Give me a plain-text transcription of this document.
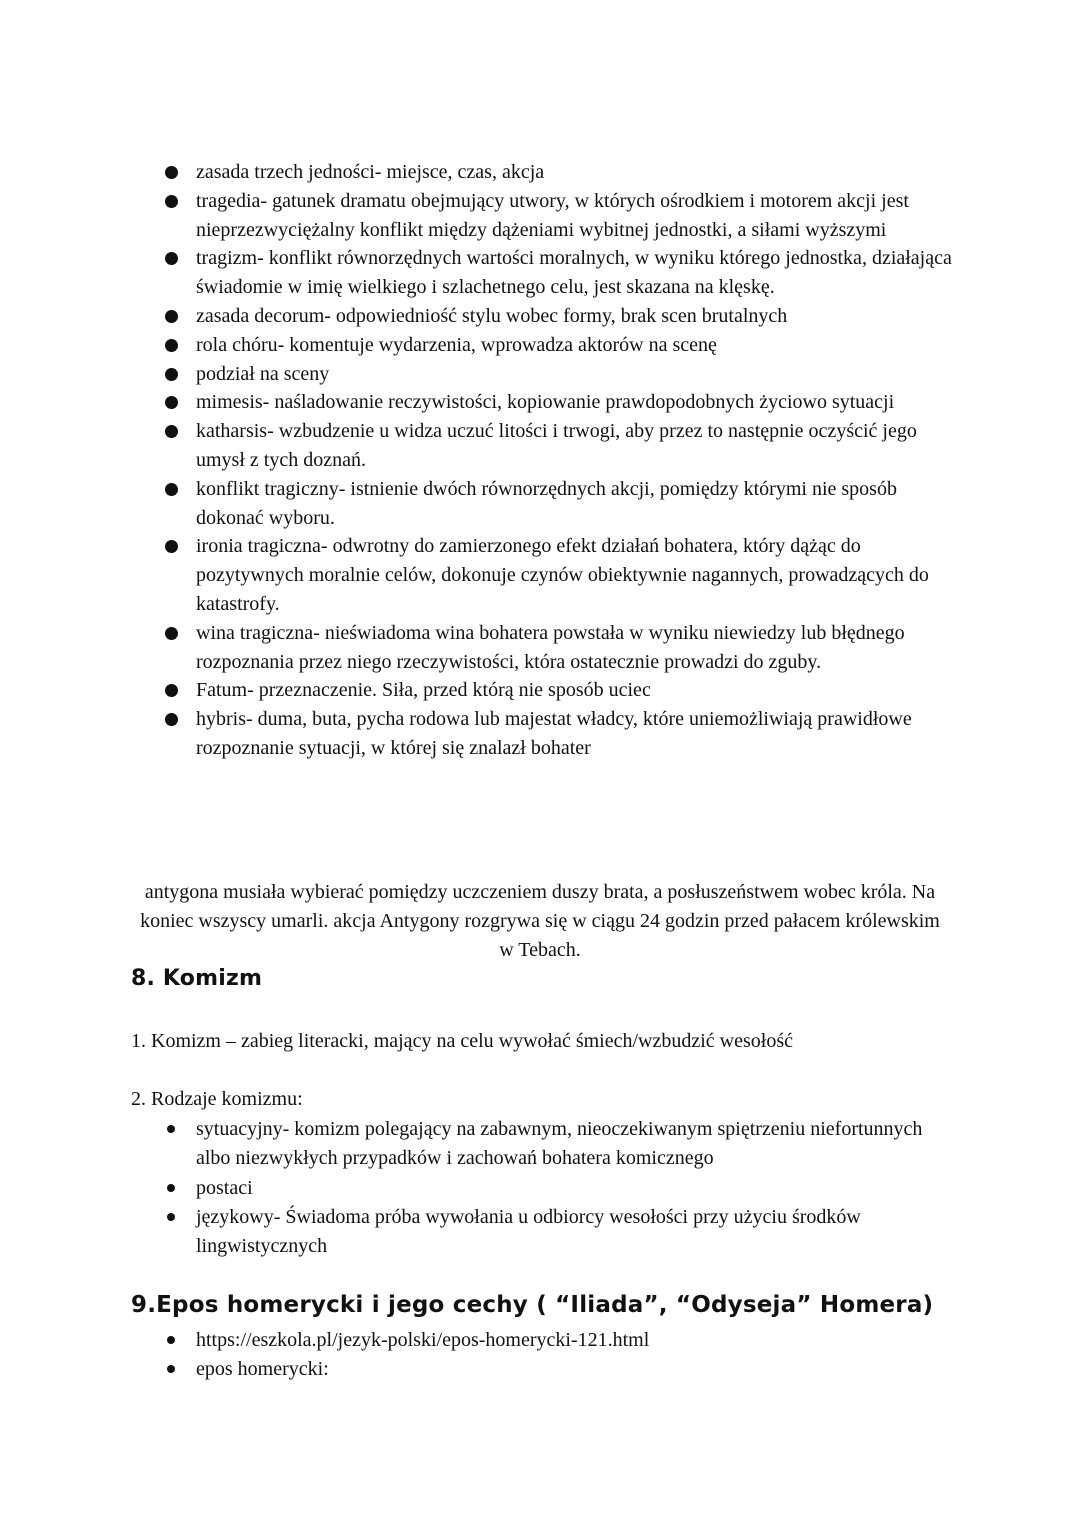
zasada trzech jedności- miejsce, czas, akcja
tragedia- gatunek dramatu obejmujący utwory, w których ośrodkiem i motorem akcji jest nieprzezwyciężalny konflikt między dążeniami wybitnej jednostki, a siłami wyższymi
tragizm- konflikt równorzędnych wartości moralnych, w wyniku którego jednostka, działająca świadomie w imię wielkiego i szlachetnego celu, jest skazana na klęskę.
zasada decorum- odpowiedniość stylu wobec formy, brak scen brutalnych
rola chóru- komentuje wydarzenia, wprowadza aktorów na scenę
podział na sceny
mimesis- naśladowanie reczywistości, kopiowanie prawdopodobnych życiowo sytuacji
katharsis- wzbudzenie u widza uczuć litości i trwogi, aby przez to następnie oczyścić jego umysł z tych doznań.
konflikt tragiczny- istnienie dwóch równorzędnych akcji, pomiędzy którymi nie sposób dokonać wyboru.
ironia tragiczna- odwrotny do zamierzonego efekt działań bohatera, który dążąc do pozytywnych moralnie celów, dokonuje czynów obiektywnie nagannych, prowadzących do katastrofy.
wina tragiczna- nieświadoma wina bohatera powstała w wyniku niewiedzy lub błędnego rozpoznania przez niego rzeczywistości, która ostatecznie prowadzi do zguby.
Fatum- przeznaczenie. Siła, przed którą nie sposób uciec
hybris- duma, buta, pycha rodowa lub majestat władcy, które uniemożliwiają prawidłowe rozpoznanie sytuacji, w której się znalazł bohater

antygona musiała wybierać pomiędzy uczczeniem duszy brata, a posłuszeństwem wobec króla. Na koniec wszyscy umarli. akcja Antygony rozgrywa się w ciągu 24 godzin przed pałacem królewskim w Tebach.

8. Komizm
1. Komizm – zabieg literacki, mający na celu wywołać śmiech/wzbudzić wesołość
2. Rodzaje komizmu:
sytuacyjny- komizm polegający na zabawnym, nieoczekiwanym spiętrzeniu niefortunnych albo niezwykłych przypadków i zachowań bohatera komicznego
postaci
językowy- Świadoma próba wywołania u odbiorcy wesołości przy użyciu środków lingwistycznych
9.Epos homerycki i jego cechy ( “Iliada”, “Odyseja” Homera)
https://eszkola.pl/jezyk-polski/epos-homerycki-121.html
epos homerycki:
